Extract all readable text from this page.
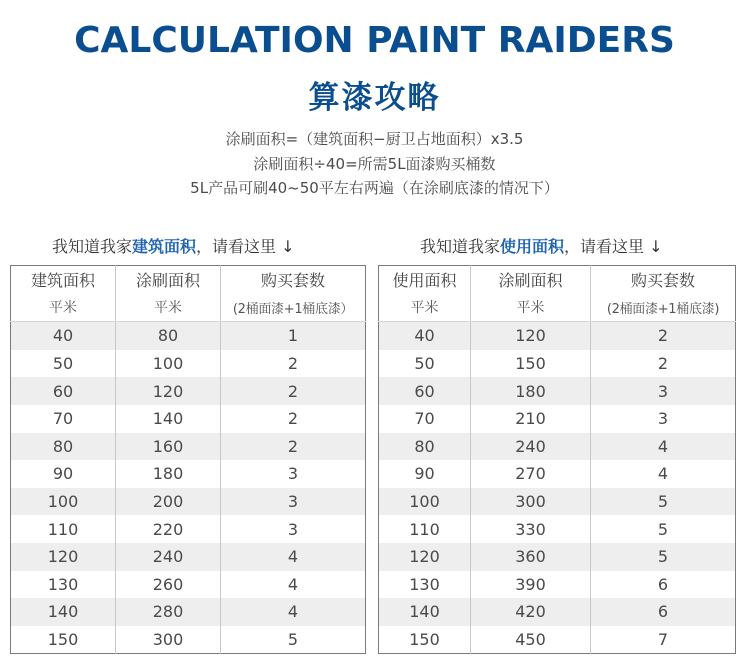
CALCULATION PAINT RAIDERS
算漆攻略
涂刷面积=（建筑面积−厨卫占地面积）x3.5
涂刷面积÷40=所需5L面漆购买桶数
5L产品可刷40~50平左右两遍（在涂刷底漆的情况下）
我知道我家建筑面积，请看这里 ↓	我知道我家使用面积，请看这里 ↓
建筑面积	涂刷面积	购买套数
平米	平米	(2桶面漆+1桶底漆）
40	80	1
50	100	2
60	120	2
70	140	2
80	160	2
90	180	3
100	200	3
110	220	3
120	240	4
130	260	4
140	280	4
150	300	5
使用面积	涂刷面积	购买套数
平米	平米	(2桶面漆+1桶底漆)
40	120	2
50	150	2
60	180	3
70	210	3
80	240	4
90	270	4
100	300	5
110	330	5
120	360	5
130	390	6
140	420	6
150	450	7
